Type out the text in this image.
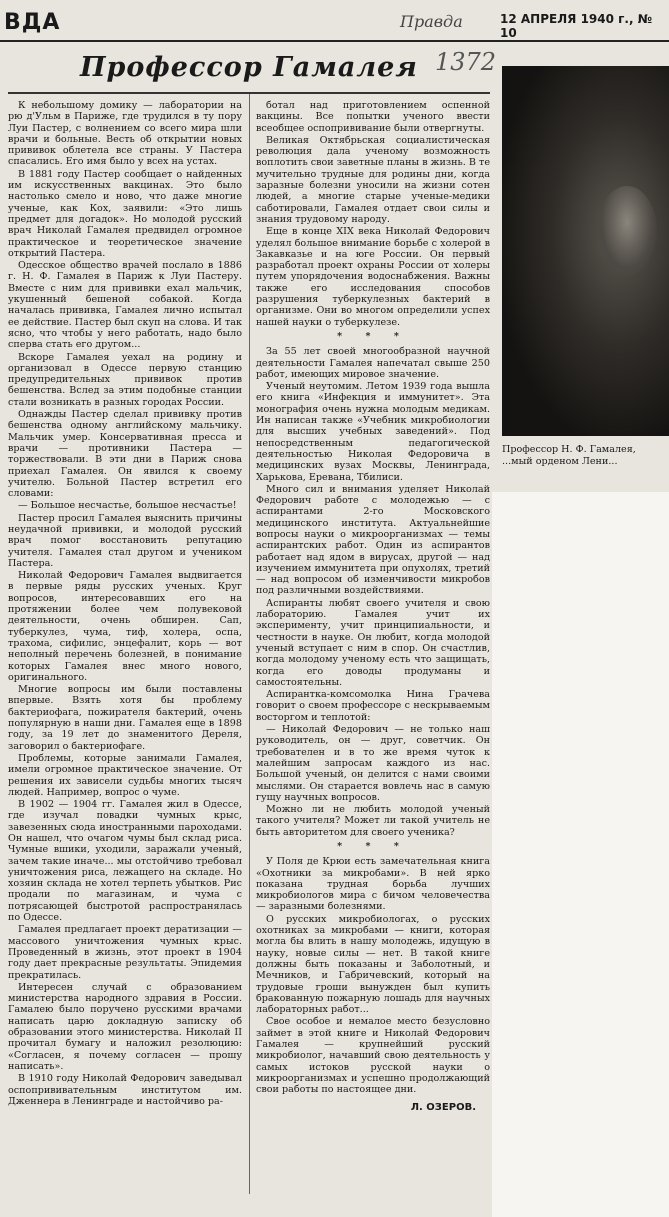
ВДА	Правда	12 АПРЕЛЯ 1940 г., № 10
Профессор Гамалея 1372

К небольшому домику — лаборатории на рю д'Ульм в Париже, где трудился в ту пору Луи Пастер, с волнением со всего мира шли врачи и больные. Весть об открытии новых прививок облетела все страны. У Пастера спасались. Его имя было у всех на устах.

В 1881 году Пастер сообщает о найденных им искусственных вакцинах. Это было настолько смело и ново, что даже многие ученые, как Кох, заявили: «Это лишь предмет для догадок». Но молодой русский врач Николай Гамалея предвидел огромное практическое и теоретическое значение открытий Пастера.

Одесское общество врачей послало в 1886 г. Н. Ф. Гамалея в Париж к Луи Пастеру. Вместе с ним для прививки ехал мальчик, укушенный бешеной собакой. Когда началась прививка, Гамалея лично испытал ее действие. Пастер был скуп на слова. И так ясно, что чтобы у него работать, надо было сперва стать его другом...

Вскоре Гамалея уехал на родину и организовал в Одессе первую станцию предупредительных прививок против бешенства. Вслед за этим подобные станции стали возникать в разных городах России.

Однажды Пастер сделал прививку против бешенства одному английскому мальчику. Мальчик умер. Консервативная пресса и врачи — противники Пастера — торжествовали. В эти дни в Париж снова приехал Гамалея. Он явился к своему учителю. Больной Пастер встретил его словами:

— Большое несчастье, большое несчастье!

Пастер просил Гамалея выяснить причины неудачной прививки, и молодой русский врач помог восстановить репутацию учителя. Гамалея стал другом и учеником Пастера.

Николай Федорович Гамалея выдвигается в первые ряды русских ученых. Круг вопросов, интересовавших его на протяжении более чем полувековой деятельности, очень обширен. Сап, туберкулез, чума, тиф, холера, оспа, трахома, сифилис, энцефалит, корь — вот неполный перечень болезней, в понимание которых Гамалея внес много нового, оригинального.

Многие вопросы им были поставлены впервые. Взять хотя бы проблему бактериофага, пожирателя бактерий, очень популярную в наши дни. Гамалея еще в 1898 году, за 19 лет до знаменитого Дереля, заговорил о бактериофаге.

Проблемы, которые занимали Гамалея, имели огромное практическое значение. От решения их зависели судьбы многих тысяч людей. Например, вопрос о чуме.

В 1902 — 1904 гг. Гамалея жил в Одессе, где изучал повадки чумных крыс, завезенных сюда иностранными пароходами. Он нашел, что очагом чумы был склад риса. Чумные вшики, уходили, заражали ученый, зачем такие иначе... мы отстойчиво требовал уничтожения риса, лежащего на складе. Но хозяин склада не хотел терпеть убытков. Рис продали по магазинам, и чума с потрясающей быстротой распространялась по Одессе.

Гамалея предлагает проект дератизации — массового уничтожения чумных крыс. Проведенный в жизнь, этот проект в 1904 году дает прекрасные результаты. Эпидемия прекратилась.

Интересен случай с образованием министерства народного здравия в России. Гамалею было поручено русскими врачами написать царю докладную записку об образовании этого министерства. Николай II прочитал бумагу и наложил резолюцию: «Согласен, я почему согласен — прошу написать».

В 1910 году Николай Федорович заведывал оспопрививательным институтом им. Дженнера в Ленинграде и настойчиво ра-

ботал над приготовлением оспенной вакцины. Все попытки ученого ввести всеобщее оспопрививание были отвергнуты.

Великая Октябрьская социалистическая революция дала ученому возможность воплотить свои заветные планы в жизнь. В те мучительно трудные для родины дни, когда заразные болезни уносили на жизни сотен людей, а многие старые ученые-медики саботировали, Гамалея отдает свои силы и знания трудовому народу.

Еще в конце XIX века Николай Федорович уделял большое внимание борьбе с холерой в Закавказье и на юге России. Он первый разработал проект охраны России от холеры путем упорядочения водоснабжения. Важны также его исследования способов разрушения туберкулезных бактерий в организме. Они во многом определили успех нашей науки о туберкулезе.

* * *

За 55 лет своей многообразной научной деятельности Гамалея напечатал свыше 250 работ, имеющих мировое значение.

Ученый неутомим. Летом 1939 года вышла его книга «Инфекция и иммунитет». Эта монография очень нужна молодым медикам. Ин написан также «Учебник микробиологии для высших учебных заведений». Под непосредственным педагогической деятельностью Николая Федоровича в медицинских вузах Москвы, Ленинграда, Харькова, Еревана, Тбилиси.

Много сил и внимания уделяет Николай Федорович работе с молодежью — с аспирантами 2-го Московского медицинского института. Актуальнейшие вопросы науки о микроорганизмах — темы аспирантских работ. Один из аспирантов работает над ядом в вирусах, другой — над изучением иммунитета при опухолях, третий — над вопросом об изменчивости микробов под различными воздействиями.

Аспиранты любят своего учителя и свою лабораторию. Гамалея учит их эксперименту, учит принципиальности, и честности в науке. Он любит, когда молодой ученый вступает с ним в спор. Он счастлив, когда молодому ученому есть что защищать, когда его доводы продуманы и самостоятельны.

Аспирантка-комсомолка Нина Грачева говорит о своем профессоре с нескрываемым восторгом и теплотой:

— Николай Федорович — не только наш руководитель, он — друг, советчик. Он требователен и в то же время чуток к малейшим запросам каждого из нас. Большой ученый, он делится с нами своими мыслями. Он старается вовлечь нас в самую гущу научных вопросов.

Можно ли не любить молодой ученый такого учителя? Может ли такой учитель не быть авторитетом для своего ученика?

* * *

У Поля де Крюи есть замечательная книга «Охотники за микробами». В ней ярко показана трудная борьба лучших микробиологов мира с бичом человечества — заразными болезнями.

О русских микробиологах, о русских охотниках за микробами — книги, которая могла бы влить в нашу молодежь, идущую в науку, новые силы — нет. В такой книге должны быть показаны и Заболотный, и Мечников, и Габричевский, который на трудовые гроши вынужден был купить бракованную пожарную лошадь для научных лабораторных работ...

Свое особое и немалое место безусловно займет в этой книге и Николай Федорович Гамалея — крупнейший русский микробиолог, начавший свою деятельность у самых истоков русской науки о микроорганизмах и успешно продолжающий свои работы по настоящее дни.

Л. ОЗЕРОВ.
Профессор Н. Ф. Гамалея, ...мый орденом Лени...
